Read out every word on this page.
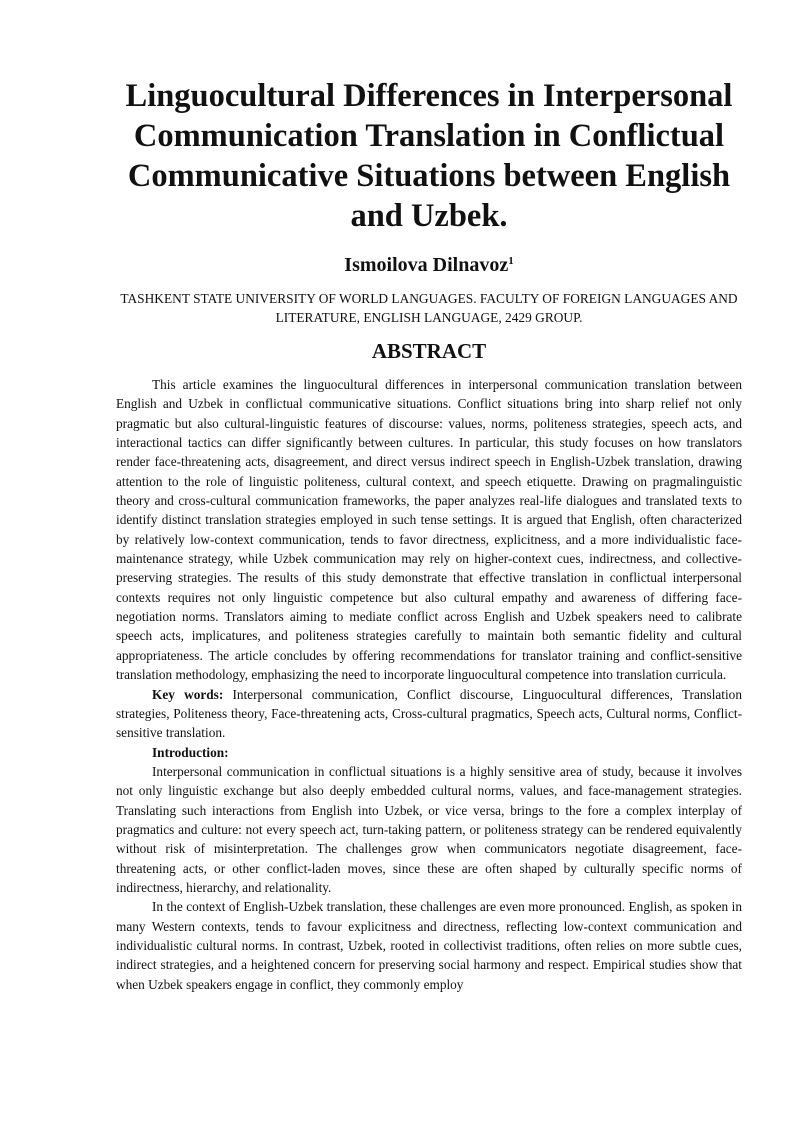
Linguocultural Differences in Interpersonal Communication Translation in Conflictual Communicative Situations between English and Uzbek.
Ismoilova Dilnavoz$^1$
TASHKENT STATE UNIVERSITY OF WORLD LANGUAGES. FACULTY OF FOREIGN LANGUAGES AND LITERATURE, ENGLISH LANGUAGE, 2429 GROUP.
ABSTRACT

This article examines the linguocultural differences in interpersonal communication translation between English and Uzbek in conflictual communicative situations. Conflict situations bring into sharp relief not only pragmatic but also cultural-linguistic features of discourse: values, norms, politeness strategies, speech acts, and interactional tactics can differ significantly between cultures. In particular, this study focuses on how translators render face-threatening acts, disagreement, and direct versus indirect speech in English-Uzbek translation, drawing attention to the role of linguistic politeness, cultural context, and speech etiquette. Drawing on pragmalinguistic theory and cross-cultural communication frameworks, the paper analyzes real-life dialogues and translated texts to identify distinct translation strategies employed in such tense settings. It is argued that English, often characterized by relatively low-context communication, tends to favor directness, explicitness, and a more individualistic face-maintenance strategy, while Uzbek communication may rely on higher-context cues, indirectness, and collective-preserving strategies. The results of this study demonstrate that effective translation in conflictual interpersonal contexts requires not only linguistic competence but also cultural empathy and awareness of differing face-negotiation norms. Translators aiming to mediate conflict across English and Uzbek speakers need to calibrate speech acts, implicatures, and politeness strategies carefully to maintain both semantic fidelity and cultural appropriateness. The article concludes by offering recommendations for translator training and conflict-sensitive translation methodology, emphasizing the need to incorporate linguocultural competence into translation curricula.

Key words: Interpersonal communication, Conflict discourse, Linguocultural differences, Translation strategies, Politeness theory, Face-threatening acts, Cross-cultural pragmatics, Speech acts, Cultural norms, Conflict-sensitive translation.

Introduction:

Interpersonal communication in conflictual situations is a highly sensitive area of study, because it involves not only linguistic exchange but also deeply embedded cultural norms, values, and face-management strategies. Translating such interactions from English into Uzbek, or vice versa, brings to the fore a complex interplay of pragmatics and culture: not every speech act, turn-taking pattern, or politeness strategy can be rendered equivalently without risk of misinterpretation. The challenges grow when communicators negotiate disagreement, face-threatening acts, or other conflict-laden moves, since these are often shaped by culturally specific norms of indirectness, hierarchy, and relationality.

In the context of English-Uzbek translation, these challenges are even more pronounced. English, as spoken in many Western contexts, tends to favour explicitness and directness, reflecting low-context communication and individualistic cultural norms. In contrast, Uzbek, rooted in collectivist traditions, often relies on more subtle cues, indirect strategies, and a heightened concern for preserving social harmony and respect. Empirical studies show that when Uzbek speakers engage in conflict, they commonly employ
